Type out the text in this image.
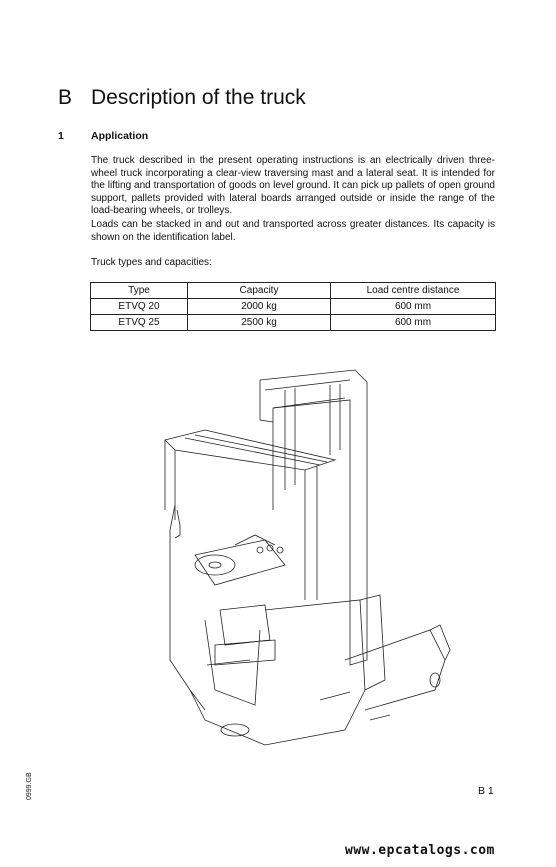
B Description of the truck
1	Application
The truck described in the present operating instructions is an electrically driven three-wheel truck incorporating a clear-view traversing mast and a lateral seat. It is intended for the lifting and transportation of goods on level ground. It can pick up pallets of open ground support, pallets provided with lateral boards arranged outside or inside the range of the load-bearing wheels, or trolleys.
Loads can be stacked in and out and transported across greater distances. Its capacity is shown on the identification label.
Truck types and capacities:
Type	Capacity	Load centre distance
ETVQ 20	2000 kg	600 mm
ETVQ 25	2500 kg	600 mm
0999.GB	B 1
www.epcatalogs.com
